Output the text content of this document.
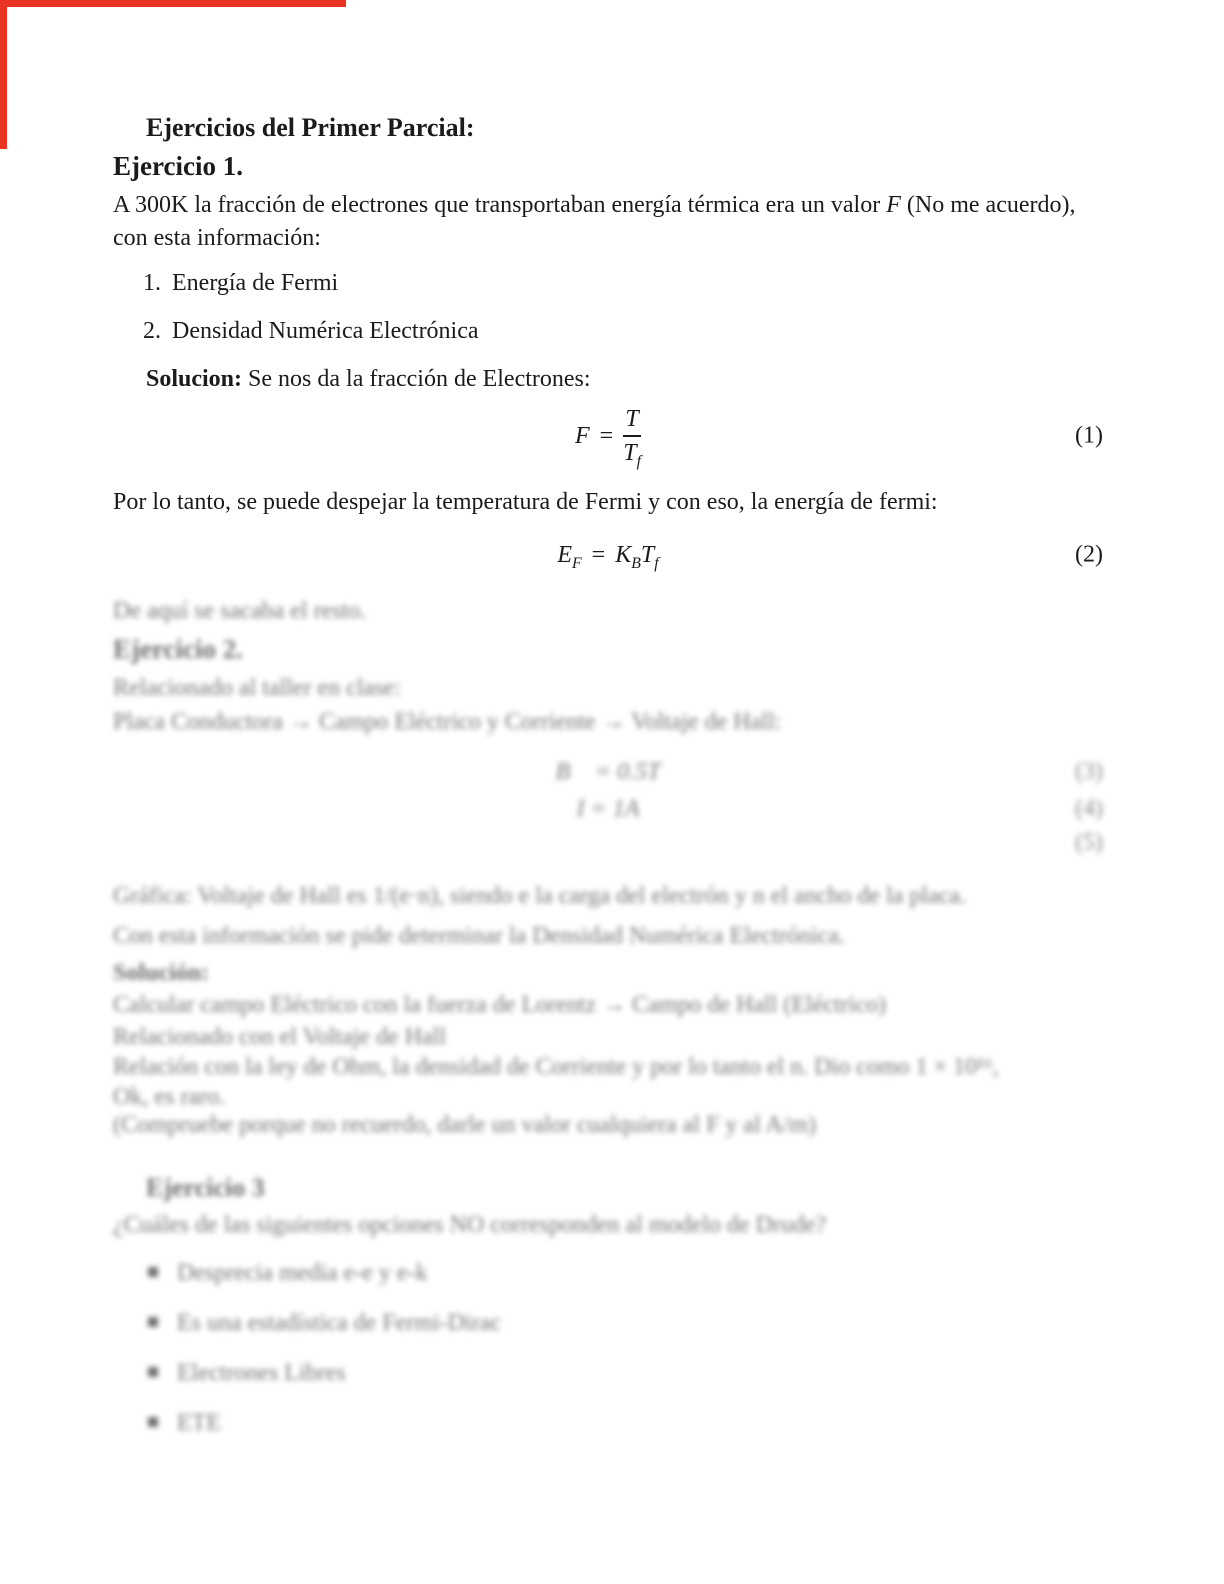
Ejercicios del Primer Parcial:
Ejercicio 1.
A 300K la fracción de electrones que transportaban energía térmica era un valor F (No me acuerdo),
con esta información:
1. Energía de Fermi
2. Densidad Numérica Electrónica
Solucion: Se nos da la fracción de Electrones:
$F = \frac{T}{T_f}$	(1)
Por lo tanto, se puede despejar la temperatura de Fermi y con eso, la energía de fermi:
$E_F = K_B$ $T_f$	(2)
De aquí se sacaba el resto.
Ejercicio 2.
Relacionado al taller en clase:
Placa Conductora → Campo Eléctrico y Corriente → Voltaje de Hall:
B⃗ = 0.5T	(3)
I = 1A	(4)
(5)
Gráfica: Voltaje de Hall es 1/(e·n), siendo e la carga del electrón y n el ancho de la placa.
Con esta información se pide determinar la Densidad Numérica Electrónica.
Solución:
Calcular campo Eléctrico con la fuerza de Lorentz → Campo de Hall (Eléctrico)
Relacionado con el Voltaje de Hall
Relación con la ley de Ohm, la densidad de Corriente y por lo tanto el n. Dio como 1 × 10¹⁶,
Ok, es raro.
(Compruebe porque no recuerdo, darle un valor cualquiera al F y al A/m)
Ejercicio 3
¿Cuáles de las siguientes opciones NO corresponden al modelo de Drude?
Desprecia media e-e y e-k
Es una estadística de Fermi-Dirac
Electrones Libres
ETE
